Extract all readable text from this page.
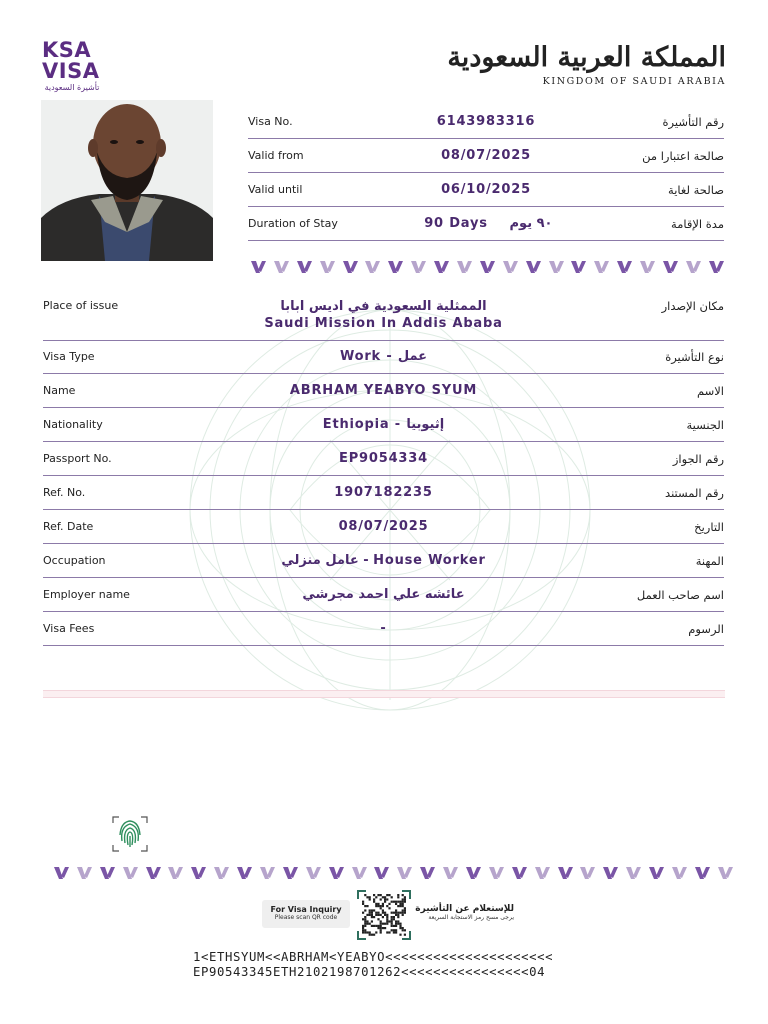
KSA
VISA
تأشيرة السعودية
المملكة العربية السعودية
KINGDOM OF SAUDI ARABIA
Visa No.	6143983316	رقم التأشيرة
Valid from	08/07/2025	صالحة اعتبارا من
Valid until	06/10/2025	صالحة لغاية
Duration of Stay	90 Days	٩٠ يوم	مدة الإقامة
Place of issue	الممثلية السعودية في اديس ابابا
Saudi Mission In Addis Ababa
مكان الإصدار
Visa Type	Work - عمل	نوع التأشيرة
Name	ABRHAM YEABYO SYUM	الاسم
Nationality	Ethiopia - إثيوبيا	الجنسية
Passport No.	EP9054334	رقم الجواز
Ref. No.	1907182235	رقم المستند
Ref. Date	08/07/2025	التاريخ
Occupation	عامل منزلي - House Worker	المهنة
Employer name	عائشه علي احمد مجرشي	اسم صاحب العمل
Visa Fees	-	الرسوم
For Visa Inquiry
Please scan QR code
للإستعلام عن التأشيرة
يرجى مسح رمز الاستجابة السريعة
1<ETHSYUM<<ABRHAM<YEABYO<<<<<<<<<<<<<<<<<<<<<
EP90543345ETH2102198701262<<<<<<<<<<<<<<<<04
